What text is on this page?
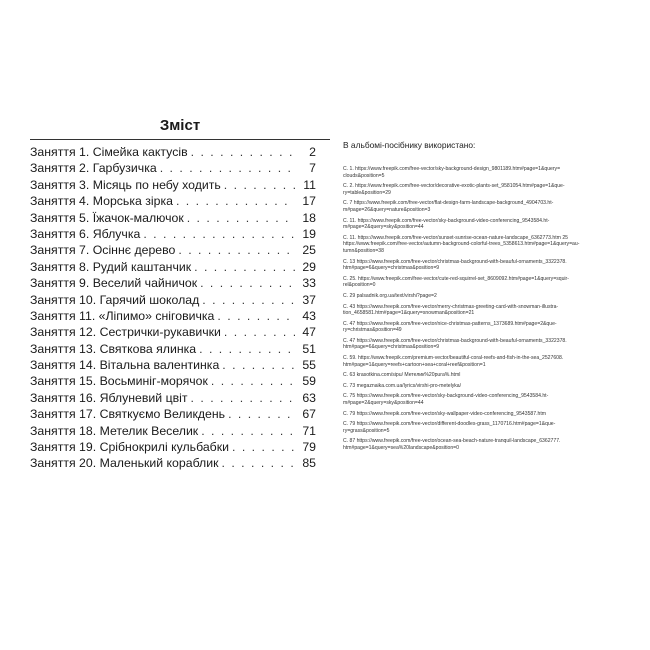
Зміст
Заняття 1. Сімейка кактусів . . .	2
Заняття 2. Гарбузичка . . .	7
Заняття 3. Місяць по небу ходить . . .	11
Заняття 4. Морська зірка . . .	17
Заняття 5. Їжачок-малючок . . .	18
Заняття 6. Яблучка . . .	19
Заняття 7. Осіннє дерево . . .	25
Заняття 8. Рудий каштанчик . . .	29
Заняття 9. Веселий чайничок . . .	33
Заняття 10. Гарячий шоколад . . .	37
Заняття 11. «Ліпимо» сніговичка . . .	43
Заняття 12. Сестрички-рукавички . . .	47
Заняття 13. Святкова ялинка . . .	51
Заняття 14. Вітальна валентинка . . .	55
Заняття 15. Восьминіг-морячок . . .	59
Заняття 16. Яблуневий цвіт . . .	63
Заняття 17. Святкуємо Великдень . . .	67
Заняття 18. Метелик Веселик . . .	71
Заняття 19. Срібнокрилі кульбабки . . .	79
Заняття 20. Маленький кораблик . . .	85

В альбомі-посібнику використано:

С. 1. https://www.freepik.com/free-vector/sky-background-design_9801189.htm#page=1&query=
clouds&position=5
С. 2. https://www.freepik.com/free-vector/decorative-exotic-plants-set_9581054.htm#page=1&que-
ry=table&position=29
С. 7 https://www.freepik.com/free-vector/flat-design-farm-landscape-background_4904703.ht-
m#page=26&query=nature&position=3
С. 11. https://www.freepik.com/free-vector/sky-background-video-conferencing_9543584.ht-
m#page=2&query=sky&position=44
С. 11. https://www.freepik.com/free-vector/sunset-sunrise-ocean-nature-landscape_6362773.htm 25
https://www.freepik.com/free-vector/autumn-background-colorful-trees_5358613.htm#page=1&query=au-
tumn&position=38
С. 13 https://www.freepik.com/free-vector/christmas-background-with-beauful-ornaments_3322378.
htm#page=6&query=christmas&position=9
С. 25. https://www.freepik.com/free-vector/cute-red-squirrel-set_8609092.htm#page=1&query=squir-
rel&position=0
С. 29 palsadnik.org.ua/text/virshi?page=2
С. 43 https://www.freepik.com/free-vector/merry-christmas-greeting-card-with-snowman-illustra-
tion_4658581.htm#page=1&query=snowman&position=21
С. 47 https://www.freepik.com/free-vector/nice-christmas-patterns_1373689.htm#page=2&que-
ry=christmas&position=49
С. 47 https://www.freepik.com/free-vector/christmas-background-with-beauful-ornaments_3322378.
htm#page=6&query=christmas&position=9
С. 59. https://www.freepik.com/premium-vector/beautiful-coral-reefs-and-fish-in-the-sea_2527608.
htm#page=1&query=reefs+cartoon+sea+coral+reef&position=1
С. 63 krasotkina.com/sipu/ Метелик%20pura%.html
С. 73 megaznaika.com.ua/lyrics/virshi-pro-metelyka/
С. 75 https://www.freepik.com/free-vector/sky-background-video-conferencing_9543584.ht-
m#page=2&query=sky&position=44
С. 79 https://www.freepik.com/free-vector/sky-wallpaper-video-conferencing_9543587.htm
С. 79 https://www.freepik.com/free-vector/different-doodles-grass_1170716.htm#page=1&que-
ry=grass&position=5
С. 87 https://www.freepik.com/free-vector/ocean-sea-beach-nature-tranquil-landscape_6362777.
htm#page=1&query=sea%20landscape&position=0
